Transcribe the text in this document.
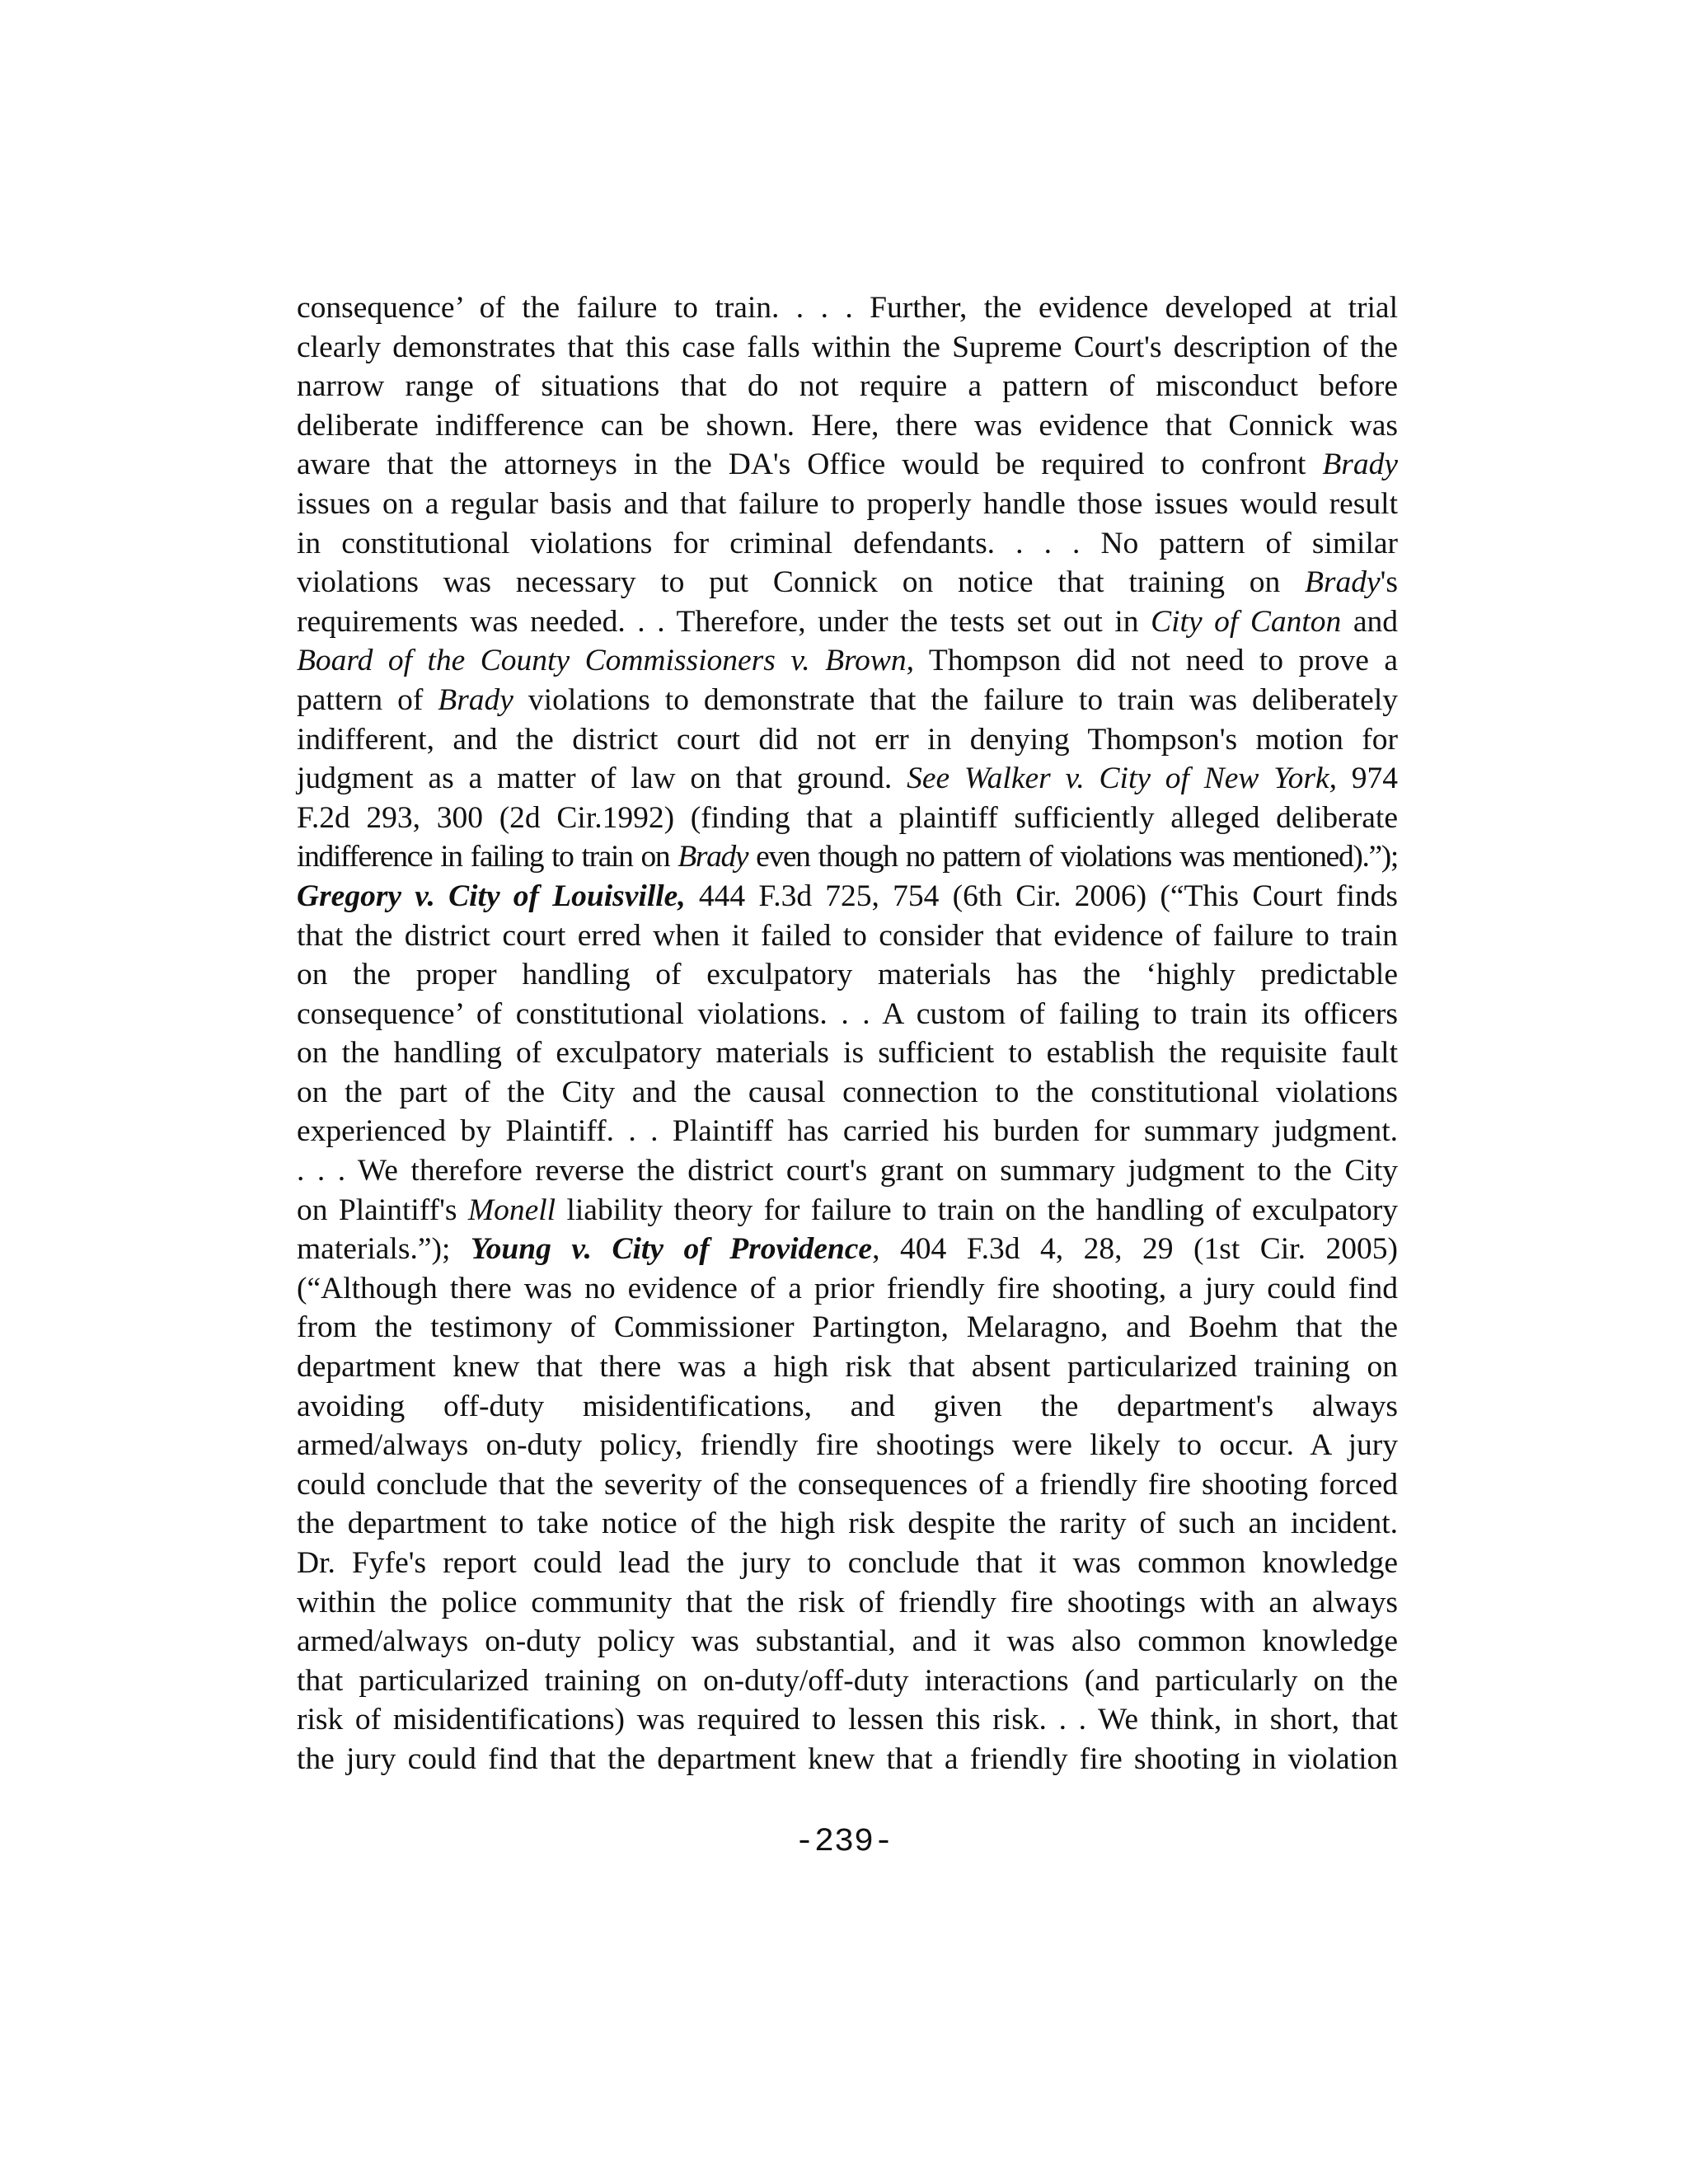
consequence’ of the failure to train. . . . Further, the evidence developed at trial
clearly demonstrates that this case falls within the Supreme Court's description of the
narrow range of situations that do not require a pattern of misconduct before
deliberate indifference can be shown. Here, there was evidence that Connick was
aware that the attorneys in the DA's Office would be required to confront Brady
issues on a regular basis and that failure to properly handle those issues would result
in constitutional violations for criminal defendants. . . . No pattern of similar
violations was necessary to put Connick on notice that training on Brady's
requirements was needed. . . Therefore, under the tests set out in City of Canton and
Board of the County Commissioners v. Brown, Thompson did not need to prove a
pattern of Brady violations to demonstrate that the failure to train was deliberately
indifferent, and the district court did not err in denying Thompson's motion for
judgment as a matter of law on that ground. See Walker v. City of New York, 974
F.2d 293, 300 (2d Cir.1992) (finding that a plaintiff sufficiently alleged deliberate
indifference in failing to train on Brady even though no pattern of violations was mentioned).”);
Gregory v. City of Louisville, 444 F.3d 725, 754 (6th Cir. 2006) (“This Court finds
that the district court erred when it failed to consider that evidence of failure to train
on the proper handling of exculpatory materials has the ‘highly predictable
consequence’ of constitutional violations. . . A custom of failing to train its officers
on the handling of exculpatory materials is sufficient to establish the requisite fault
on the part of the City and the causal connection to the constitutional violations
experienced by Plaintiff. . . Plaintiff has carried his burden for summary judgment.
. . . We therefore reverse the district court's grant on summary judgment to the City
on Plaintiff's Monell liability theory for failure to train on the handling of exculpatory
materials.”); Young v. City of Providence, 404 F.3d 4, 28, 29 (1st Cir. 2005)
(“Although there was no evidence of a prior friendly fire shooting, a jury could find
from the testimony of Commissioner Partington, Melaragno, and Boehm that the
department knew that there was a high risk that absent particularized training on
avoiding off-duty misidentifications, and given the department's always
armed/always on-duty policy, friendly fire shootings were likely to occur. A jury
could conclude that the severity of the consequences of a friendly fire shooting forced
the department to take notice of the high risk despite the rarity of such an incident.
Dr. Fyfe's report could lead the jury to conclude that it was common knowledge
within the police community that the risk of friendly fire shootings with an always
armed/always on-duty policy was substantial, and it was also common knowledge
that particularized training on on-duty/off-duty interactions (and particularly on the
risk of misidentifications) was required to lessen this risk. . . We think, in short, that
the jury could find that the department knew that a friendly fire shooting in violation
-239-
